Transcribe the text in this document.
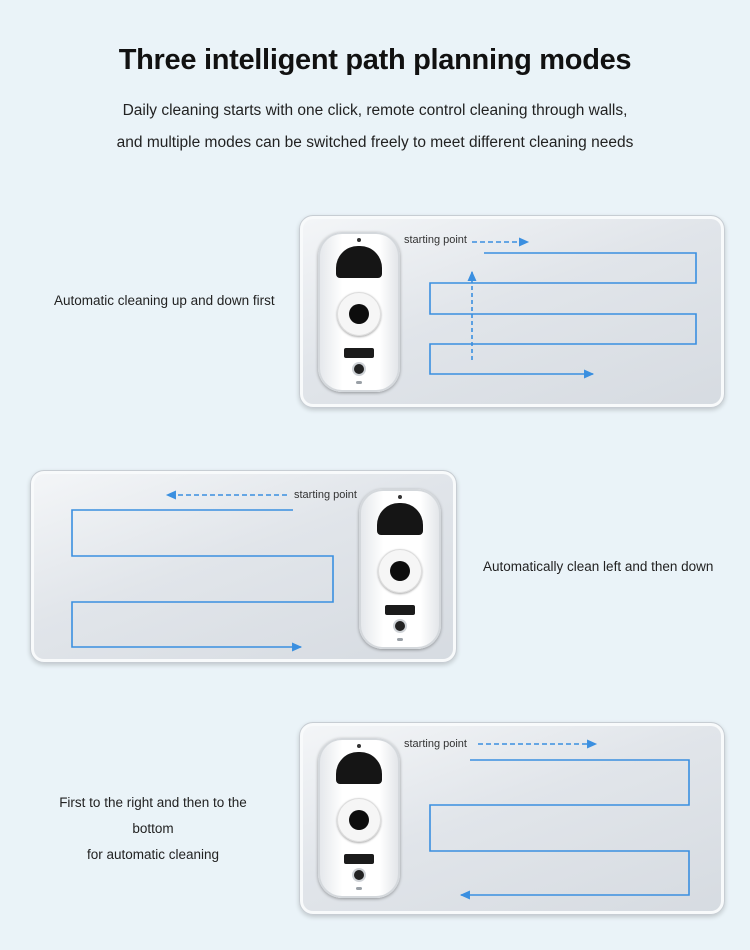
Three intelligent path planning modes
Daily cleaning starts with one click, remote control cleaning through walls,
and multiple modes can be switched freely to meet different cleaning needs
Automatic cleaning up and down first
starting point
starting point
Automatically clean left and then down
First to the right and then to the bottom
for automatic cleaning
starting point
